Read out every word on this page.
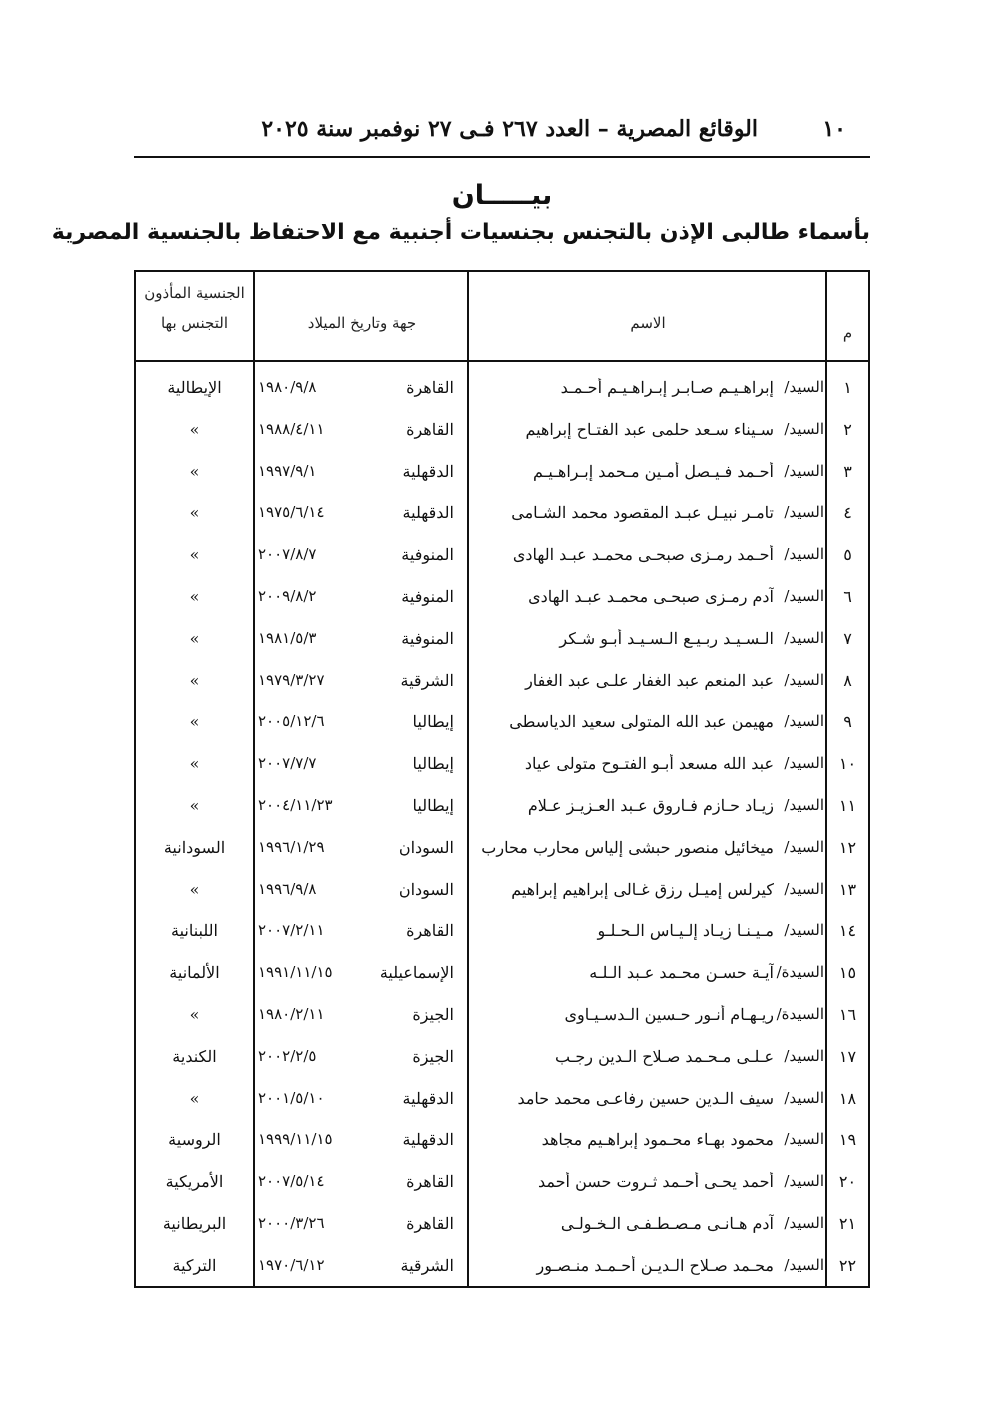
١٠
الوقائع المصرية – العدد ٢٦٧ فـى ٢٧ نوفمبر سنة ٢٠٢٥
بيـــــان
بأسماء طالبى الإذن بالتجنس بجنسيات أجنبية مع الاحتفاظ بالجنسية المصرية
م
الاسم
جهة وتاريخ الميلاد
الجنسية المأذون
التجنس بها
١
السيد/
إبراهـيـم صـابـر إبـراهـيـم أحـمـد
القاهرة
١٩٨٠/٩/٨
الإيطالية
٢
السيد/
سـيناء سـعد حلمى عبد الفتـاح إبراهيم
القاهرة
١٩٨٨/٤/١١
»
٣
السيد/
أحـمد فـيـصل أمـين مـحمد إبـراهـيـم
الدقهلية
١٩٩٧/٩/١
»
٤
السيد/
تامـر نبيـل عبـد المقصود محمد الشـامى
الدقهلية
١٩٧٥/٦/١٤
»
٥
السيد/
أحـمد رمـزى صبحـى محمـد عبـد الهادى
المنوفية
٢٠٠٧/٨/٧
»
٦
السيد/
آدم رمـزى صبحـى محمـد عبـد الهادى
المنوفية
٢٠٠٩/٨/٢
»
٧
السيد/
الـسـيـد ربـيـع الـسـيـد أبـو شـكر
المنوفية
١٩٨١/٥/٣
»
٨
السيد/
عبد المنعم عبد الغفار علـى عبد الغفار
الشرقية
١٩٧٩/٣/٢٧
»
٩
السيد/
مهيمن عبد الله المتولى سعيد الدياسطى
إيطاليا
٢٠٠٥/١٢/٦
»
١٠
السيد/
عبد الله مسعد أبـو الفتـوح متولى عياد
إيطاليا
٢٠٠٧/٧/٧
»
١١
السيد/
زيـاد حـازم فـاروق عـبد العـزيـز عـلام
إيطاليا
٢٠٠٤/١١/٢٣
»
١٢
السيد/
ميخائيل منصور حبشى إلياس محارب محارب
السودان
١٩٩٦/١/٢٩
السودانية
١٣
السيد/
كيرلس إميـل رزق غـالى إبراهيم إبراهيم
السودان
١٩٩٦/٩/٨
»
١٤
السيد/
مـيـنـا زيـاد إلـيـاس الـحـلـو
القاهرة
٢٠٠٧/٢/١١
اللبنانية
١٥
السيدة/
آيـة حسـن محـمد عـبد الـلـه
الإسماعيلية
١٩٩١/١١/١٥
الألمانية
١٦
السيدة/
ريـهـام أنـور حـسين الـدسـيـاوى
الجيزة
١٩٨٠/٢/١١
»
١٧
السيد/
عـلـى مـحـمد صـلاح الـدين رجـب
الجيزة
٢٠٠٢/٢/٥
الكندية
١٨
السيد/
سيف الـدين حسين رفاعـى محمد حامد
الدقهلية
٢٠٠١/٥/١٠
»
١٩
السيد/
محمود بهـاء محـمود إبراهـيم مجاهد
الدقهلية
١٩٩٩/١١/١٥
الروسية
٢٠
السيد/
أحمد يحـى أحـمد ثـروت حسن أحمد
القاهرة
٢٠٠٧/٥/١٤
الأمريكية
٢١
السيد/
آدم هـانـى مـصـطـفـى الـخـولـى
القاهرة
٢٠٠٠/٣/٢٦
البريطانية
٢٢
السيد/
محـمد صـلاح الـديـن أحـمـد منـصـور
الشرقية
١٩٧٠/٦/١٢
التركية
